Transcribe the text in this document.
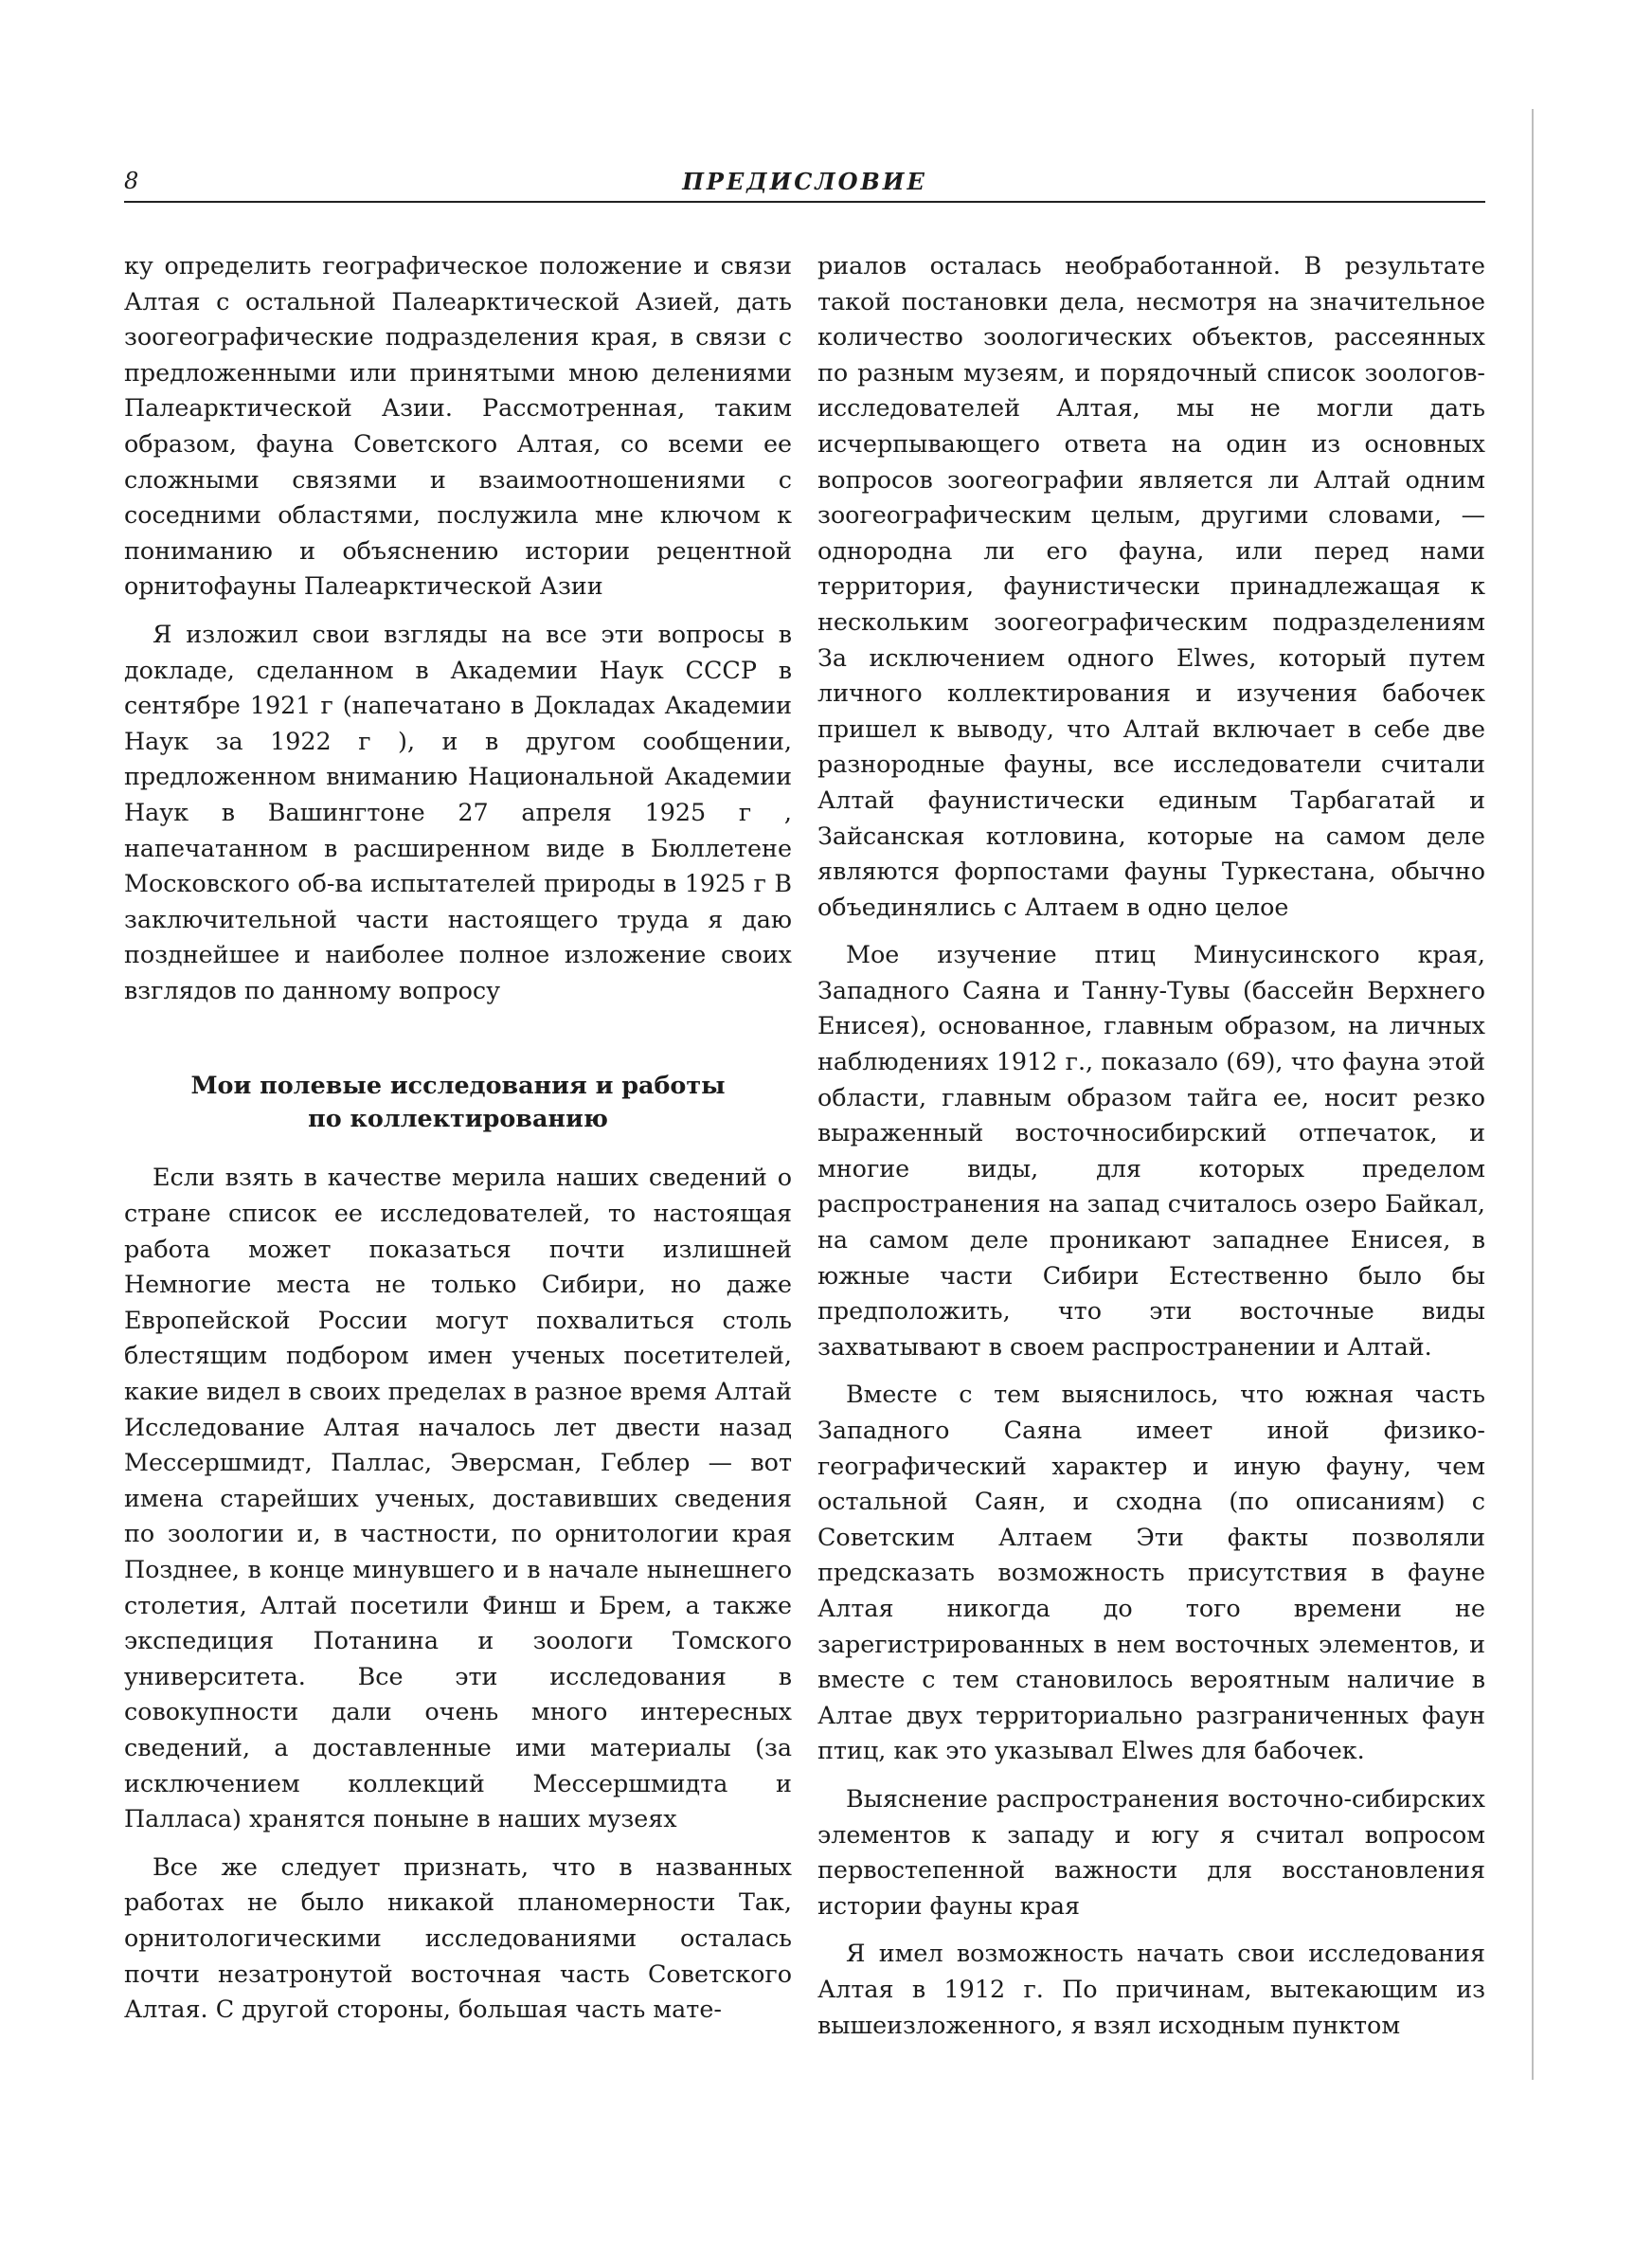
8	ПРЕДИСЛОВИЕ

ку определить географическое положение и связи Алтая с остальной Палеарктической Азией, дать зоогеографические подразделения края, в связи с предложенными или принятыми мною делениями Палеарктической Азии. Рассмотренная, таким образом, фауна Советского Алтая, со всеми ее сложными связями и взаимоотношениями с соседними областями, послужила мне ключом к пониманию и объяснению истории рецентной орнитофауны Палеарктической Азии

Я изложил свои взгляды на все эти вопросы в докладе, сделанном в Академии Наук СССР в сентябре 1921 г (напечатано в Докладах Академии Наук за 1922 г ), и в другом сообщении, предложенном вниманию Национальной Академии Наук в Вашингтоне 27 апреля 1925 г , напечатанном в расширенном виде в Бюллетене Московского об-ва испытателей природы в 1925 г В заключительной части настоящего труда я даю позднейшее и наиболее полное изложение своих взглядов по данному вопросу

Мои полевые исследования и работы
по коллектированию

Если взять в качестве мерила наших сведений о стране список ее исследователей, то настоящая работа может показаться почти излишней Немногие места не только Сибири, но даже Европейской России могут похвалиться столь блестящим подбором имен ученых посетителей, какие видел в своих пределах в разное время Алтай Исследование Алтая началось лет двести назад Мессершмидт, Паллас, Эверсман, Геблер — вот имена старейших ученых, доставивших сведения по зоологии и, в частности, по орнитологии края Позднее, в конце минувшего и в начале нынешнего столетия, Алтай посетили Финш и Брем, а также экспедиция Потанина и зоологи Томского университета. Все эти исследования в совокупности дали очень много интересных сведений, а доставленные ими материалы (за исключением коллекций Мессершмидта и Палласа) хранятся поныне в наших музеях

Все же следует признать, что в названных работах не было никакой планомерности Так, орнитологическими исследованиями осталась почти незатронутой восточная часть Советского Алтая. С другой стороны, большая часть мате-

риалов осталась необработанной. В результате такой постановки дела, несмотря на значительное количество зоологических объектов, рассеянных по разным музеям, и порядочный список зоологов-исследователей Алтая, мы не могли дать исчерпывающего ответа на один из основных вопросов зоогеографии является ли Алтай одним зоогеографическим целым, другими словами, — однородна ли его фауна, или перед нами территория, фаунистически принадлежащая к нескольким зоогеографическим подразделениям За исключением одного Elwes, который путем личного коллектирования и изучения бабочек пришел к выводу, что Алтай включает в себе две разнородные фауны, все исследователи считали Алтай фаунистически единым Тарбагатай и Зайсанская котловина, которые на самом деле являются форпостами фауны Туркестана, обычно объединялись с Алтаем в одно целое

Мое изучение птиц Минусинского края, Западного Саяна и Танну-Тувы (бассейн Верхнего Енисея), основанное, главным образом, на личных наблюдениях 1912 г., показало (69), что фауна этой области, главным образом тайга ее, носит резко выраженный восточносибирский отпечаток, и многие виды, для которых пределом распространения на запад считалось озеро Байкал, на самом деле проникают западнее Енисея, в южные части Сибири Естественно было бы предположить, что эти восточные виды захватывают в своем распространении и Алтай.

Вместе с тем выяснилось, что южная часть Западного Саяна имеет иной физико-географический характер и иную фауну, чем остальной Саян, и сходна (по описаниям) с Советским Алтаем Эти факты позволяли предсказать возможность присутствия в фауне Алтая никогда до того времени не зарегистрированных в нем восточных элементов, и вместе с тем становилось вероятным наличие в Алтае двух территориально разграниченных фаун птиц, как это указывал Elwes для бабочек.

Выяснение распространения восточно-сибирских элементов к западу и югу я считал вопросом первостепенной важности для восстановления истории фауны края

Я имел возможность начать свои исследования Алтая в 1912 г. По причинам, вытекающим из вышеизложенного, я взял исходным пунктом
